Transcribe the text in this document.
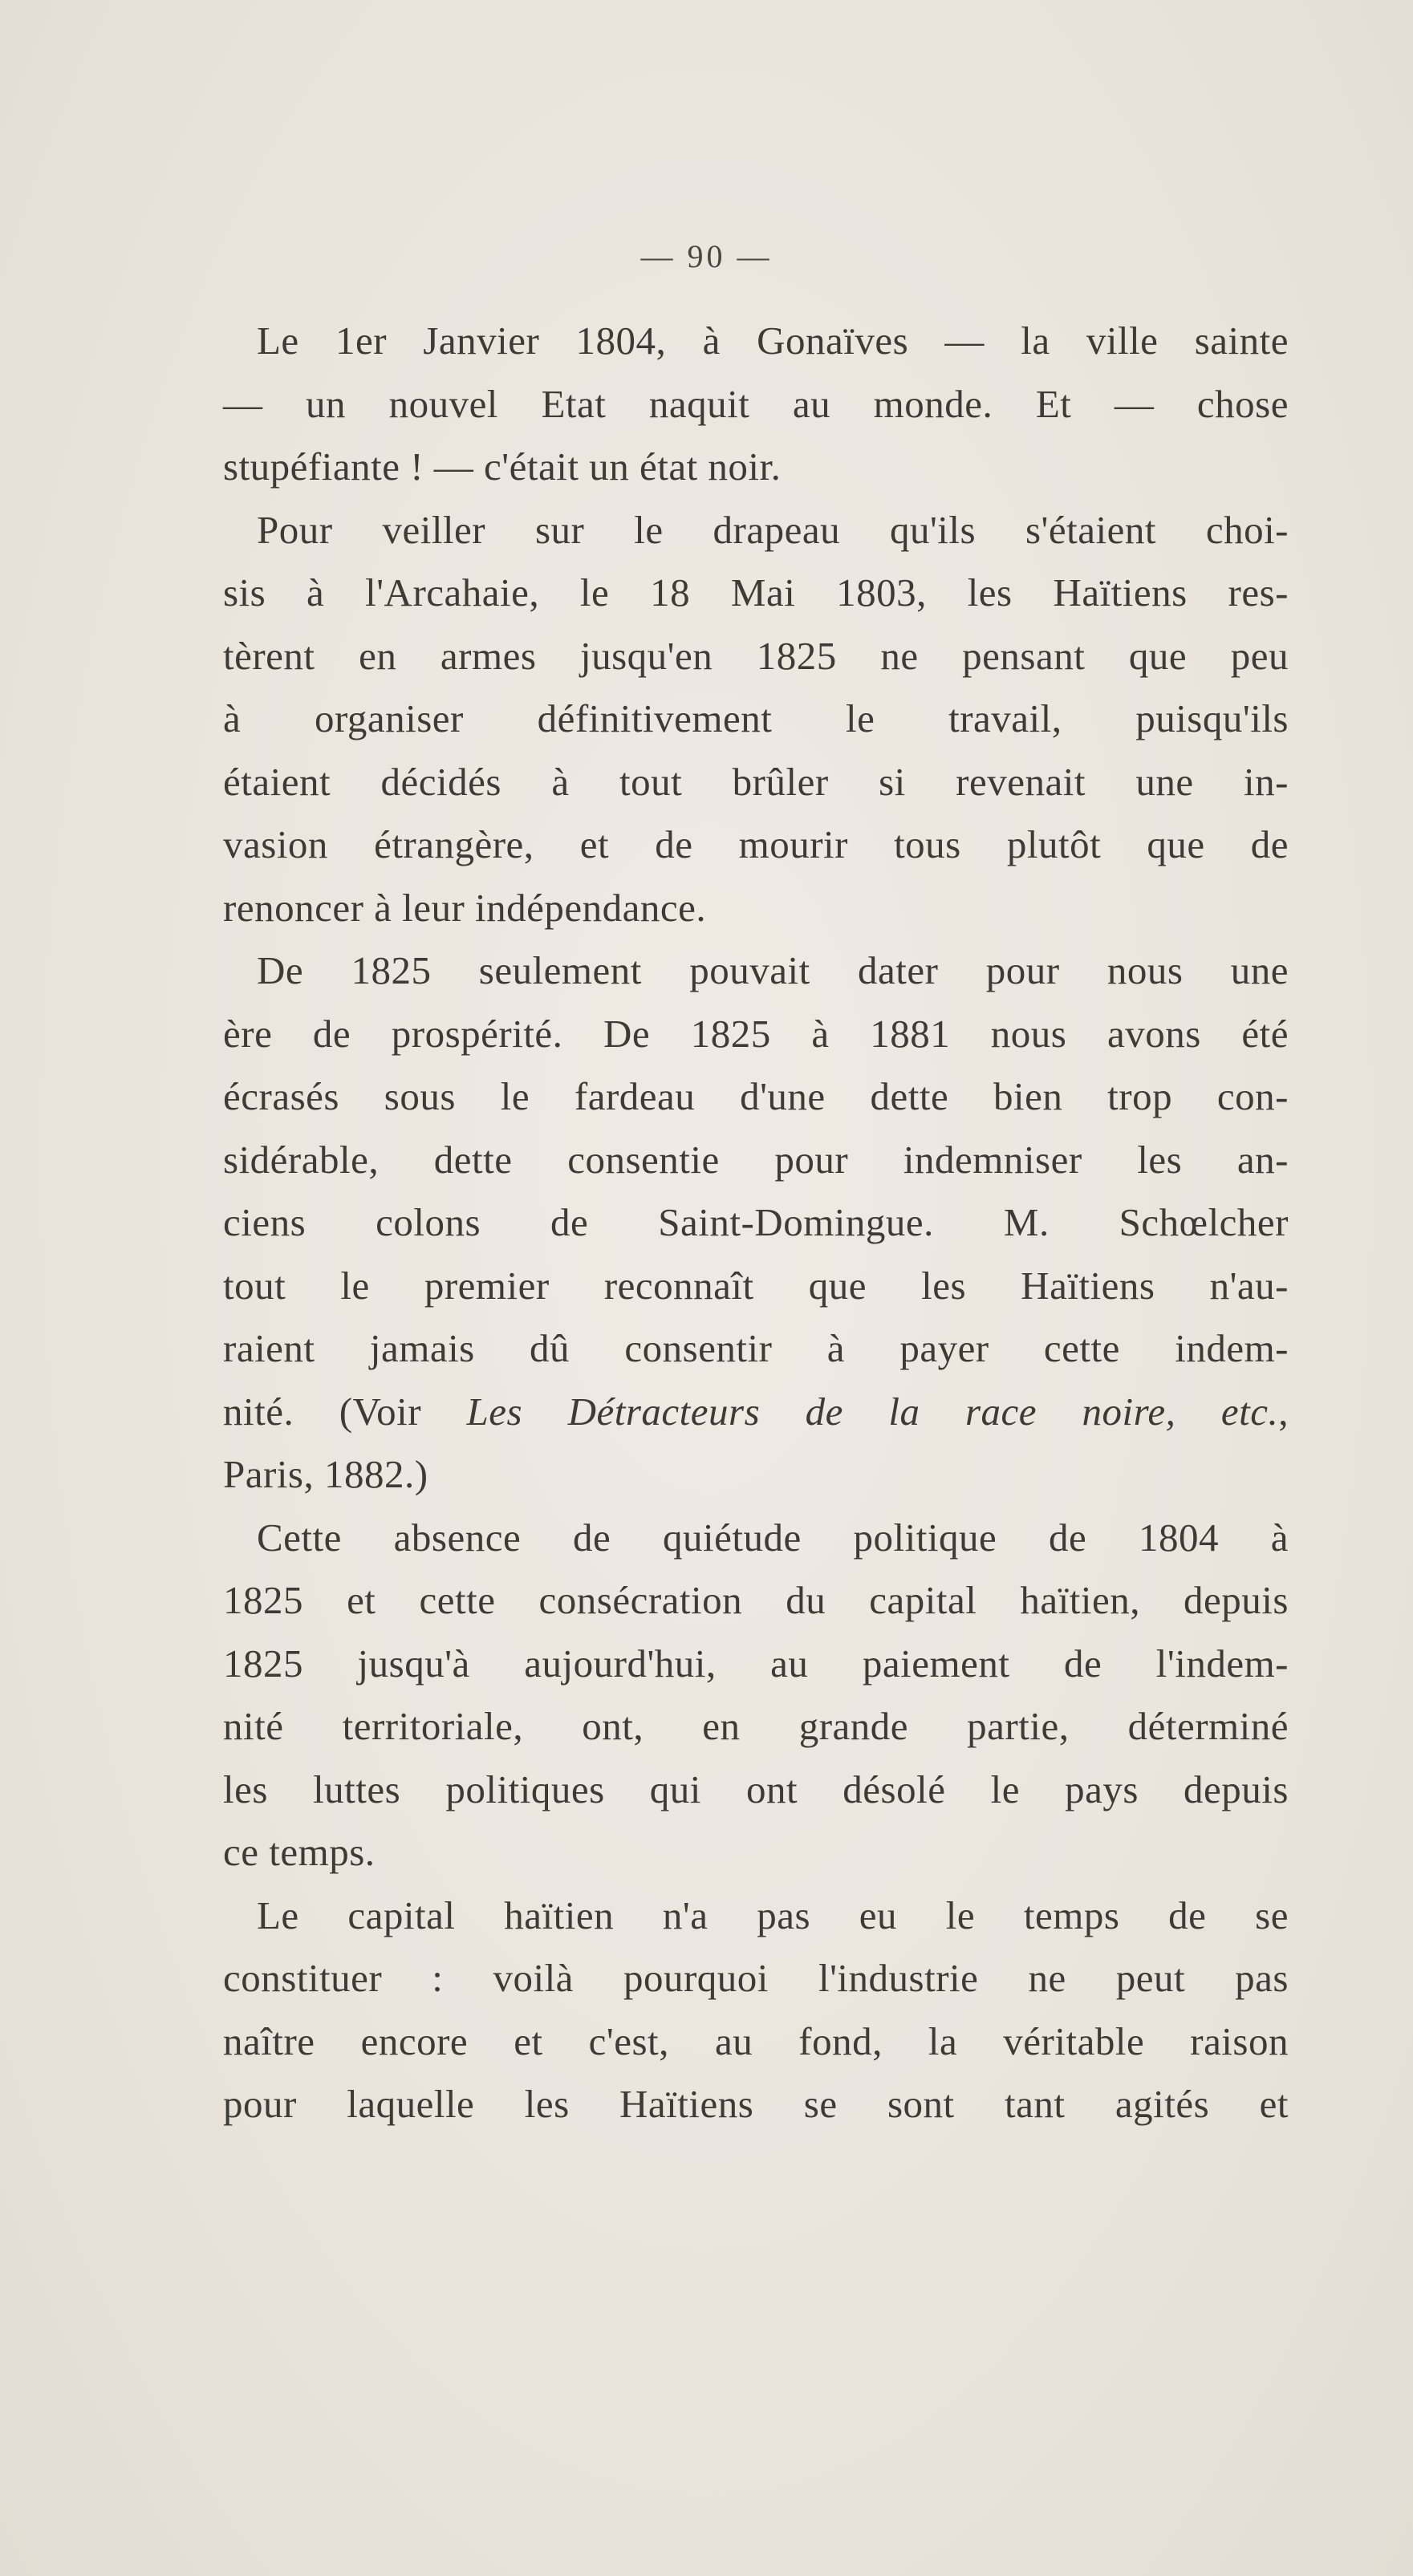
— 90 —
Le 1er Janvier 1804, à Gonaïves — la ville sainte
— un nouvel Etat naquit au monde. Et — chose
stupéfiante ! — c'était un état noir.
Pour veiller sur le drapeau qu'ils s'étaient choi-
sis à l'Arcahaie, le 18 Mai 1803, les Haïtiens res-
tèrent en armes jusqu'en 1825 ne pensant que peu
à organiser définitivement le travail, puisqu'ils
étaient décidés à tout brûler si revenait une in-
vasion étrangère, et de mourir tous plutôt que de
renoncer à leur indépendance.
De 1825 seulement pouvait dater pour nous une
ère de prospérité. De 1825 à 1881 nous avons été
écrasés sous le fardeau d'une dette bien trop con-
sidérable, dette consentie pour indemniser les an-
ciens colons de Saint-Domingue. M. Schœlcher
tout le premier reconnaît que les Haïtiens n'au-
raient jamais dû consentir à payer cette indem-
nité. (Voir Les Détracteurs de la race noire, etc.,
Paris, 1882.)
Cette absence de quiétude politique de 1804 à
1825 et cette consécration du capital haïtien, depuis
1825 jusqu'à aujourd'hui, au paiement de l'indem-
nité territoriale, ont, en grande partie, déterminé
les luttes politiques qui ont désolé le pays depuis
ce temps.
Le capital haïtien n'a pas eu le temps de se
constituer : voilà pourquoi l'industrie ne peut pas
naître encore et c'est, au fond, la véritable raison
pour laquelle les Haïtiens se sont tant agités et
